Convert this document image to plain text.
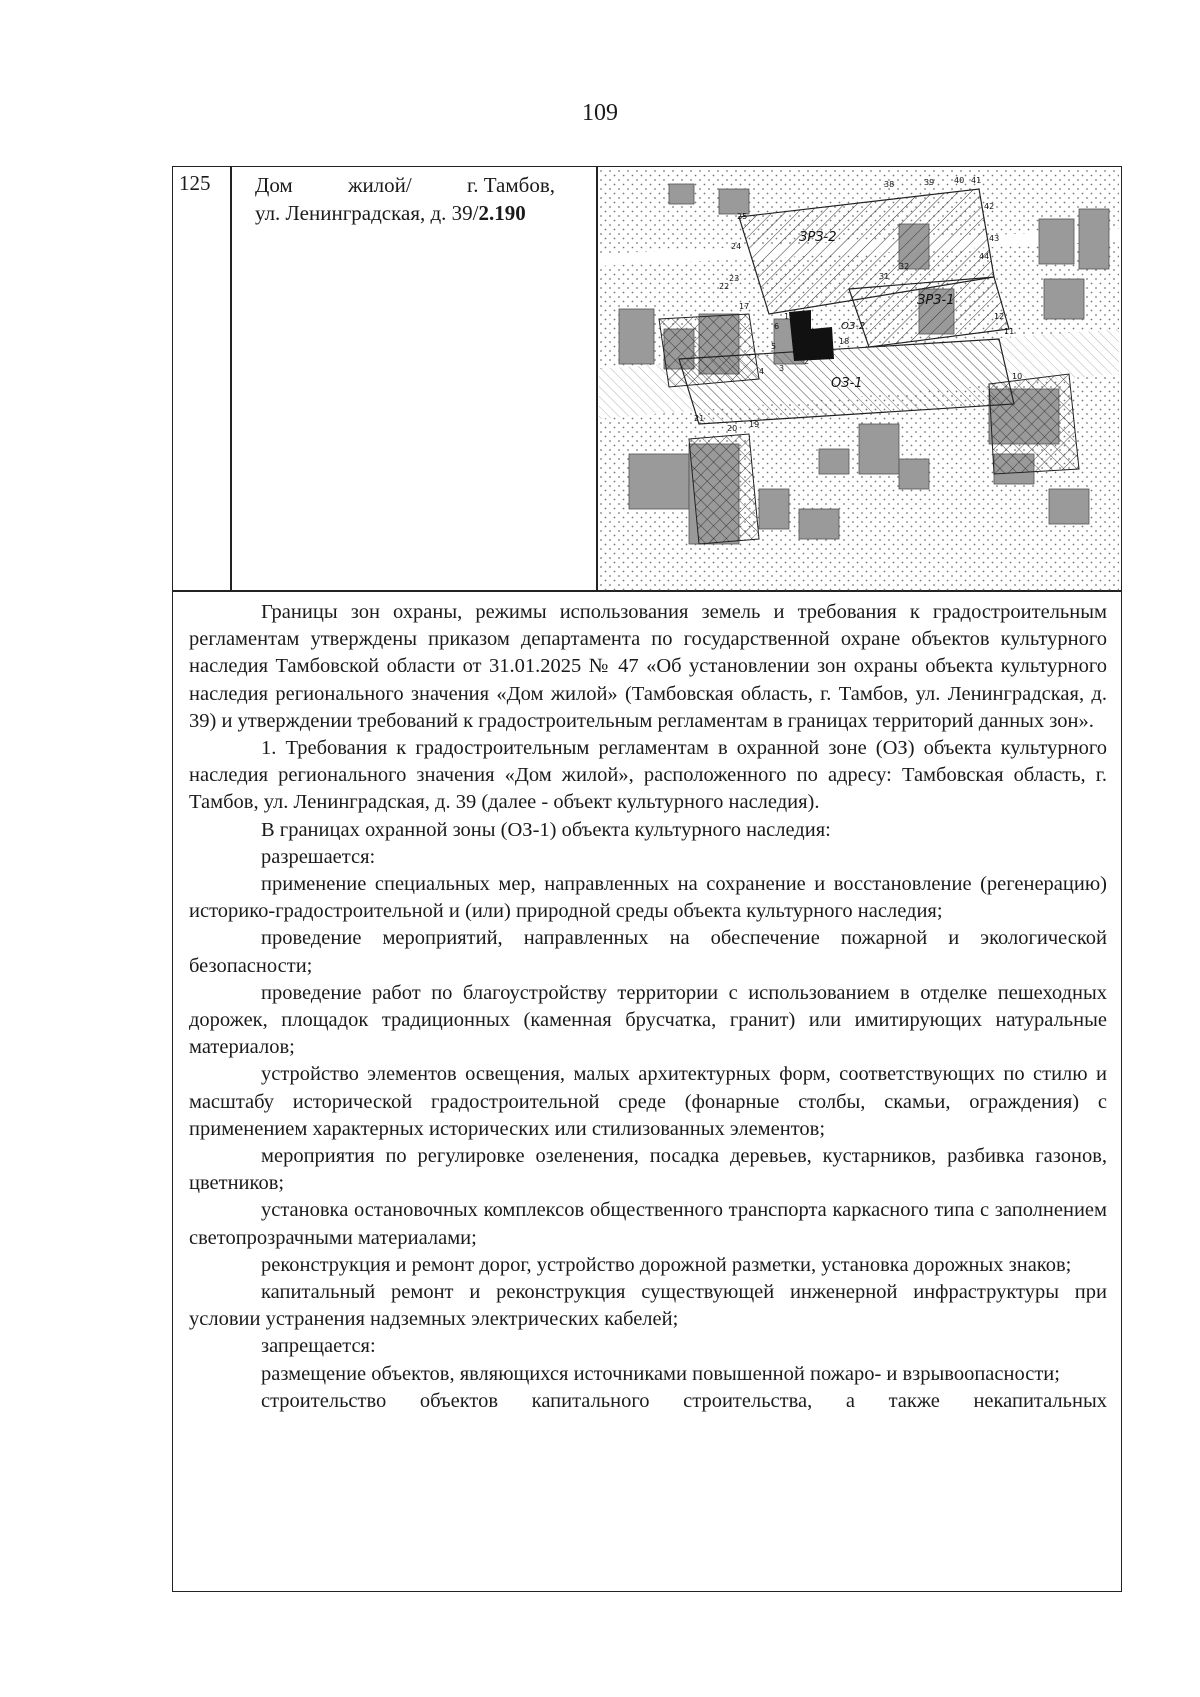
109
125 Дом	жилой/	г. Тамбов,
ул. Ленинградская, д. 39/2.190
ЗРЗ-2
ЗРЗ-1
ОЗ-1
ОЗ-2
38	39 40 41
42
43
44
32
31
25
24
23
22
21
20 19
18
17
12
11
10
1
2
3
4
5
6

Границы зон охраны, режимы использования земель и требования к градостроительным регламентам утверждены приказом департамента по государственной охране объектов культурного наследия Тамбовской области от 31.01.2025 № 47 «Об установлении зон охраны объекта культурного наследия регионального значения «Дом жилой» (Тамбовская область, г. Тамбов, ул. Ленинградская, д. 39) и утверждении требований к градостроительным регламентам в границах территорий данных зон».

1. Требования к градостроительным регламентам в охранной зоне (ОЗ) объекта культурного наследия регионального значения «Дом жилой», расположенного по адресу: Тамбовская область, г. Тамбов, ул. Ленинградская, д. 39 (далее - объект культурного наследия).

В границах охранной зоны (ОЗ-1) объекта культурного наследия:

разрешается:

применение специальных мер, направленных на сохранение и восстановление (регенерацию) историко-градостроительной и (или) природной среды объекта культурного наследия;

проведение мероприятий, направленных на обеспечение пожарной и экологической безопасности;

проведение работ по благоустройству территории с использованием в отделке пешеходных дорожек, площадок традиционных (каменная брусчатка, гранит) или имитирующих натуральные материалов;

устройство элементов освещения, малых архитектурных форм, соответствующих по стилю и масштабу исторической градостроительной среде (фонарные столбы, скамьи, ограждения) с применением характерных исторических или стилизованных элементов;

мероприятия по регулировке озеленения, посадка деревьев, кустарников, разбивка газонов, цветников;

установка остановочных комплексов общественного транспорта каркасного типа с заполнением светопрозрачными материалами;

реконструкция и ремонт дорог, устройство дорожной разметки, установка дорожных знаков;

капитальный ремонт и реконструкция существующей инженерной инфраструктуры при условии устранения надземных электрических кабелей;

запрещается:

размещение объектов, являющихся источниками повышенной пожаро- и взрывоопасности;

строительство объектов капитального строительства, а также некапитальных
